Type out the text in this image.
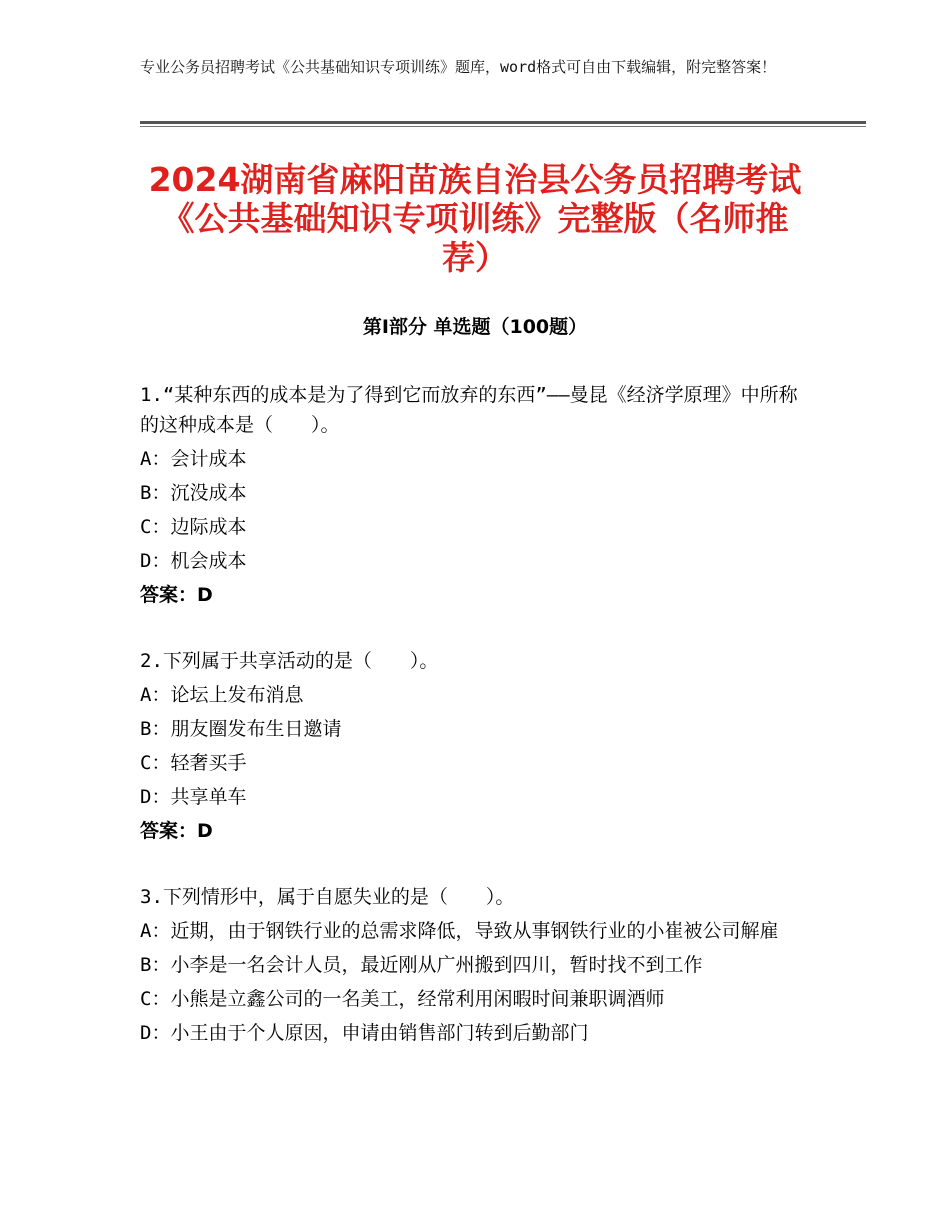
专业公务员招聘考试《公共基础知识专项训练》题库，word格式可自由下载编辑，附完整答案！

2024湖南省麻阳苗族自治县公务员招聘考试《公共基础知识专项训练》完整版（名师推荐）
第Ⅰ部分 单选题（100题）

1.“某种东西的成本是为了得到它而放弃的东西”——曼昆《经济学原理》中所称的这种成本是（　　）。

A：会计成本

B：沉没成本

C：边际成本

D：机会成本

答案：D

2.下列属于共享活动的是（　　）。

A：论坛上发布消息

B：朋友圈发布生日邀请

C：轻奢买手

D：共享单车

答案：D

3.下列情形中，属于自愿失业的是（　　）。

A：近期，由于钢铁行业的总需求降低，导致从事钢铁行业的小崔被公司解雇

B：小李是一名会计人员，最近刚从广州搬到四川，暂时找不到工作

C：小熊是立鑫公司的一名美工，经常利用闲暇时间兼职调酒师

D：小王由于个人原因，申请由销售部门转到后勤部门
